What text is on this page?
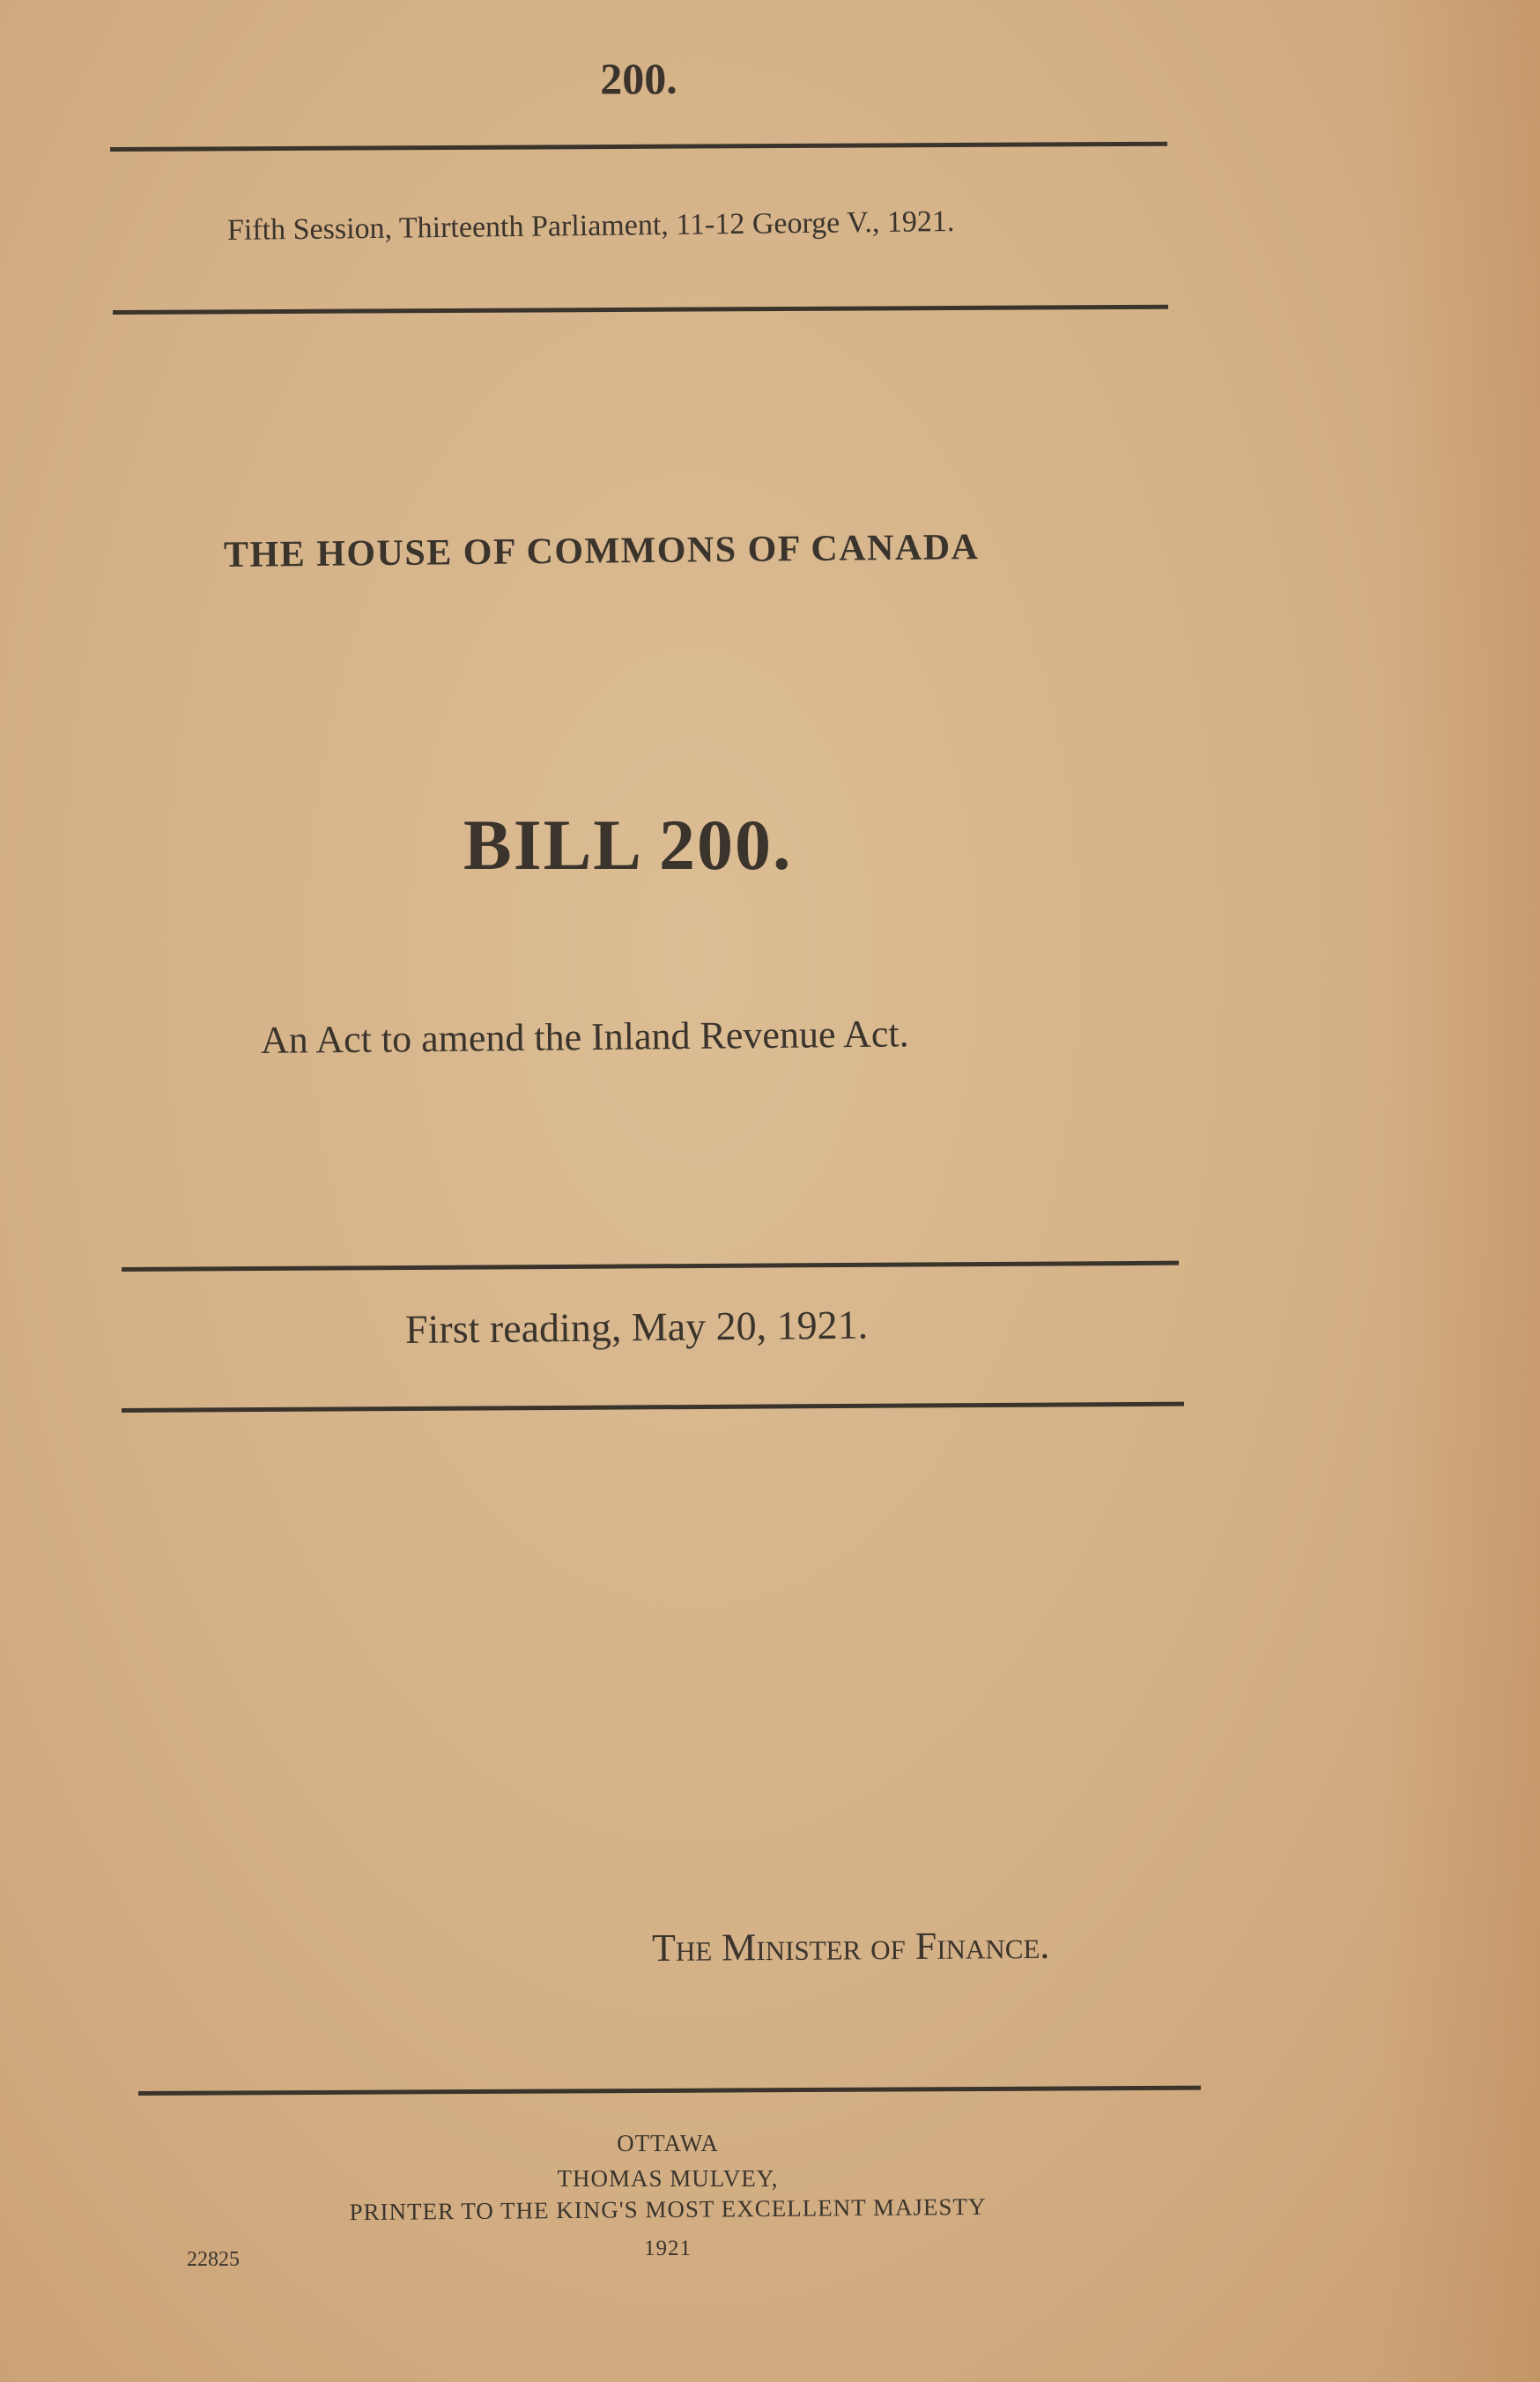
200.
Fifth Session, Thirteenth Parliament, 11-12 George V., 1921.
THE HOUSE OF COMMONS OF CANADA
BILL 200.
An Act to amend the Inland Revenue Act.
First reading, May 20, 1921.
The Minister of Finance.
OTTAWA
THOMAS MULVEY,
PRINTER TO THE KING'S MOST EXCELLENT MAJESTY
1921
22825
